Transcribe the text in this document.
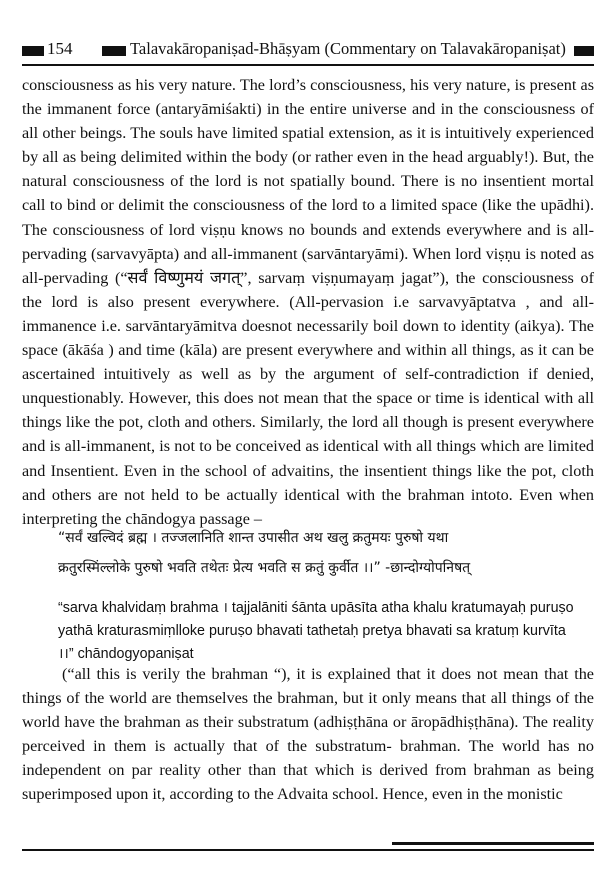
154	Talavakāropaniṣad-Bhāṣyam (Commentary on Talavakāropaniṣat)
consciousness as his very nature. The lord’s consciousness, his very nature, is present as the immanent force (antaryāmiśakti) in the entire universe and in the consciousness of all other beings. The souls have limited spatial extension, as it is intuitively experienced by all as being delimited within the body (or rather even in the head arguably!). But, the natural consciousness of the lord is not spatially bound. There is no insentient mortal call to bind or delimit the consciousness of the lord to a limited space (like the upādhi). The consciousness of lord viṣṇu knows no bounds and extends everywhere and is all-pervading (sarvavyāpta) and all-immanent (sarvāntaryāmi). When lord viṣṇu is noted as all-pervading (“सर्वं विष्णुमयं जगत्”, sarvaṃ viṣṇumayaṃ jagat”), the consciousness of the lord is also present everywhere. (All-pervasion i.e sarvavyāptatva , and all-immanence i.e. sarvāntaryāmitva doesnot necessarily boil down to identity (aikya). The space (ākāśa ) and time (kāla) are present everywhere and within all things, as it can be ascertained intuitively as well as by the argument of self-contradiction if denied, unquestionably. However, this does not mean that the space or time is identical with all things like the pot, cloth and others. Similarly, the lord all though is present everywhere and is all-immanent, is not to be conceived as identical with all things which are limited and Insentient. Even in the school of advaitins, the insentient things like the pot, cloth and others are not held to be actually identical with the brahman intoto. Even when interpreting the chāndogya passage –
“सर्वं खल्विदं ब्रह्म । तज्जलानिति शान्त उपासीत अथ खलु क्रतुमयः पुरुषो यथा
क्रतुरस्मिंल्लोके पुरुषो भवति तथेतः प्रेत्य भवति स क्रतुं कुर्वीत ।।” -छान्दोग्योपनिषत्
“sarva khalvidaṃ brahma । tajjalāniti śānta upāsīta atha khalu kratumayaḥ puruṣo yathā kraturasmiṃlloke puruṣo bhavati tathetaḥ pretya bhavati sa kratuṃ kurvīta ।।” chāndogyopaniṣat
(“all this is verily the brahman “), it is explained that it does not mean that the things of the world are themselves the brahman, but it only means that all things of the world have the brahman as their substratum (adhiṣṭhāna or āropādhiṣṭhāna). The reality perceived in them is actually that of the substratum- brahman. The world has no independent on par reality other than that which is derived from brahman as being superimposed upon it, according to the Advaita school. Hence, even in the monistic
